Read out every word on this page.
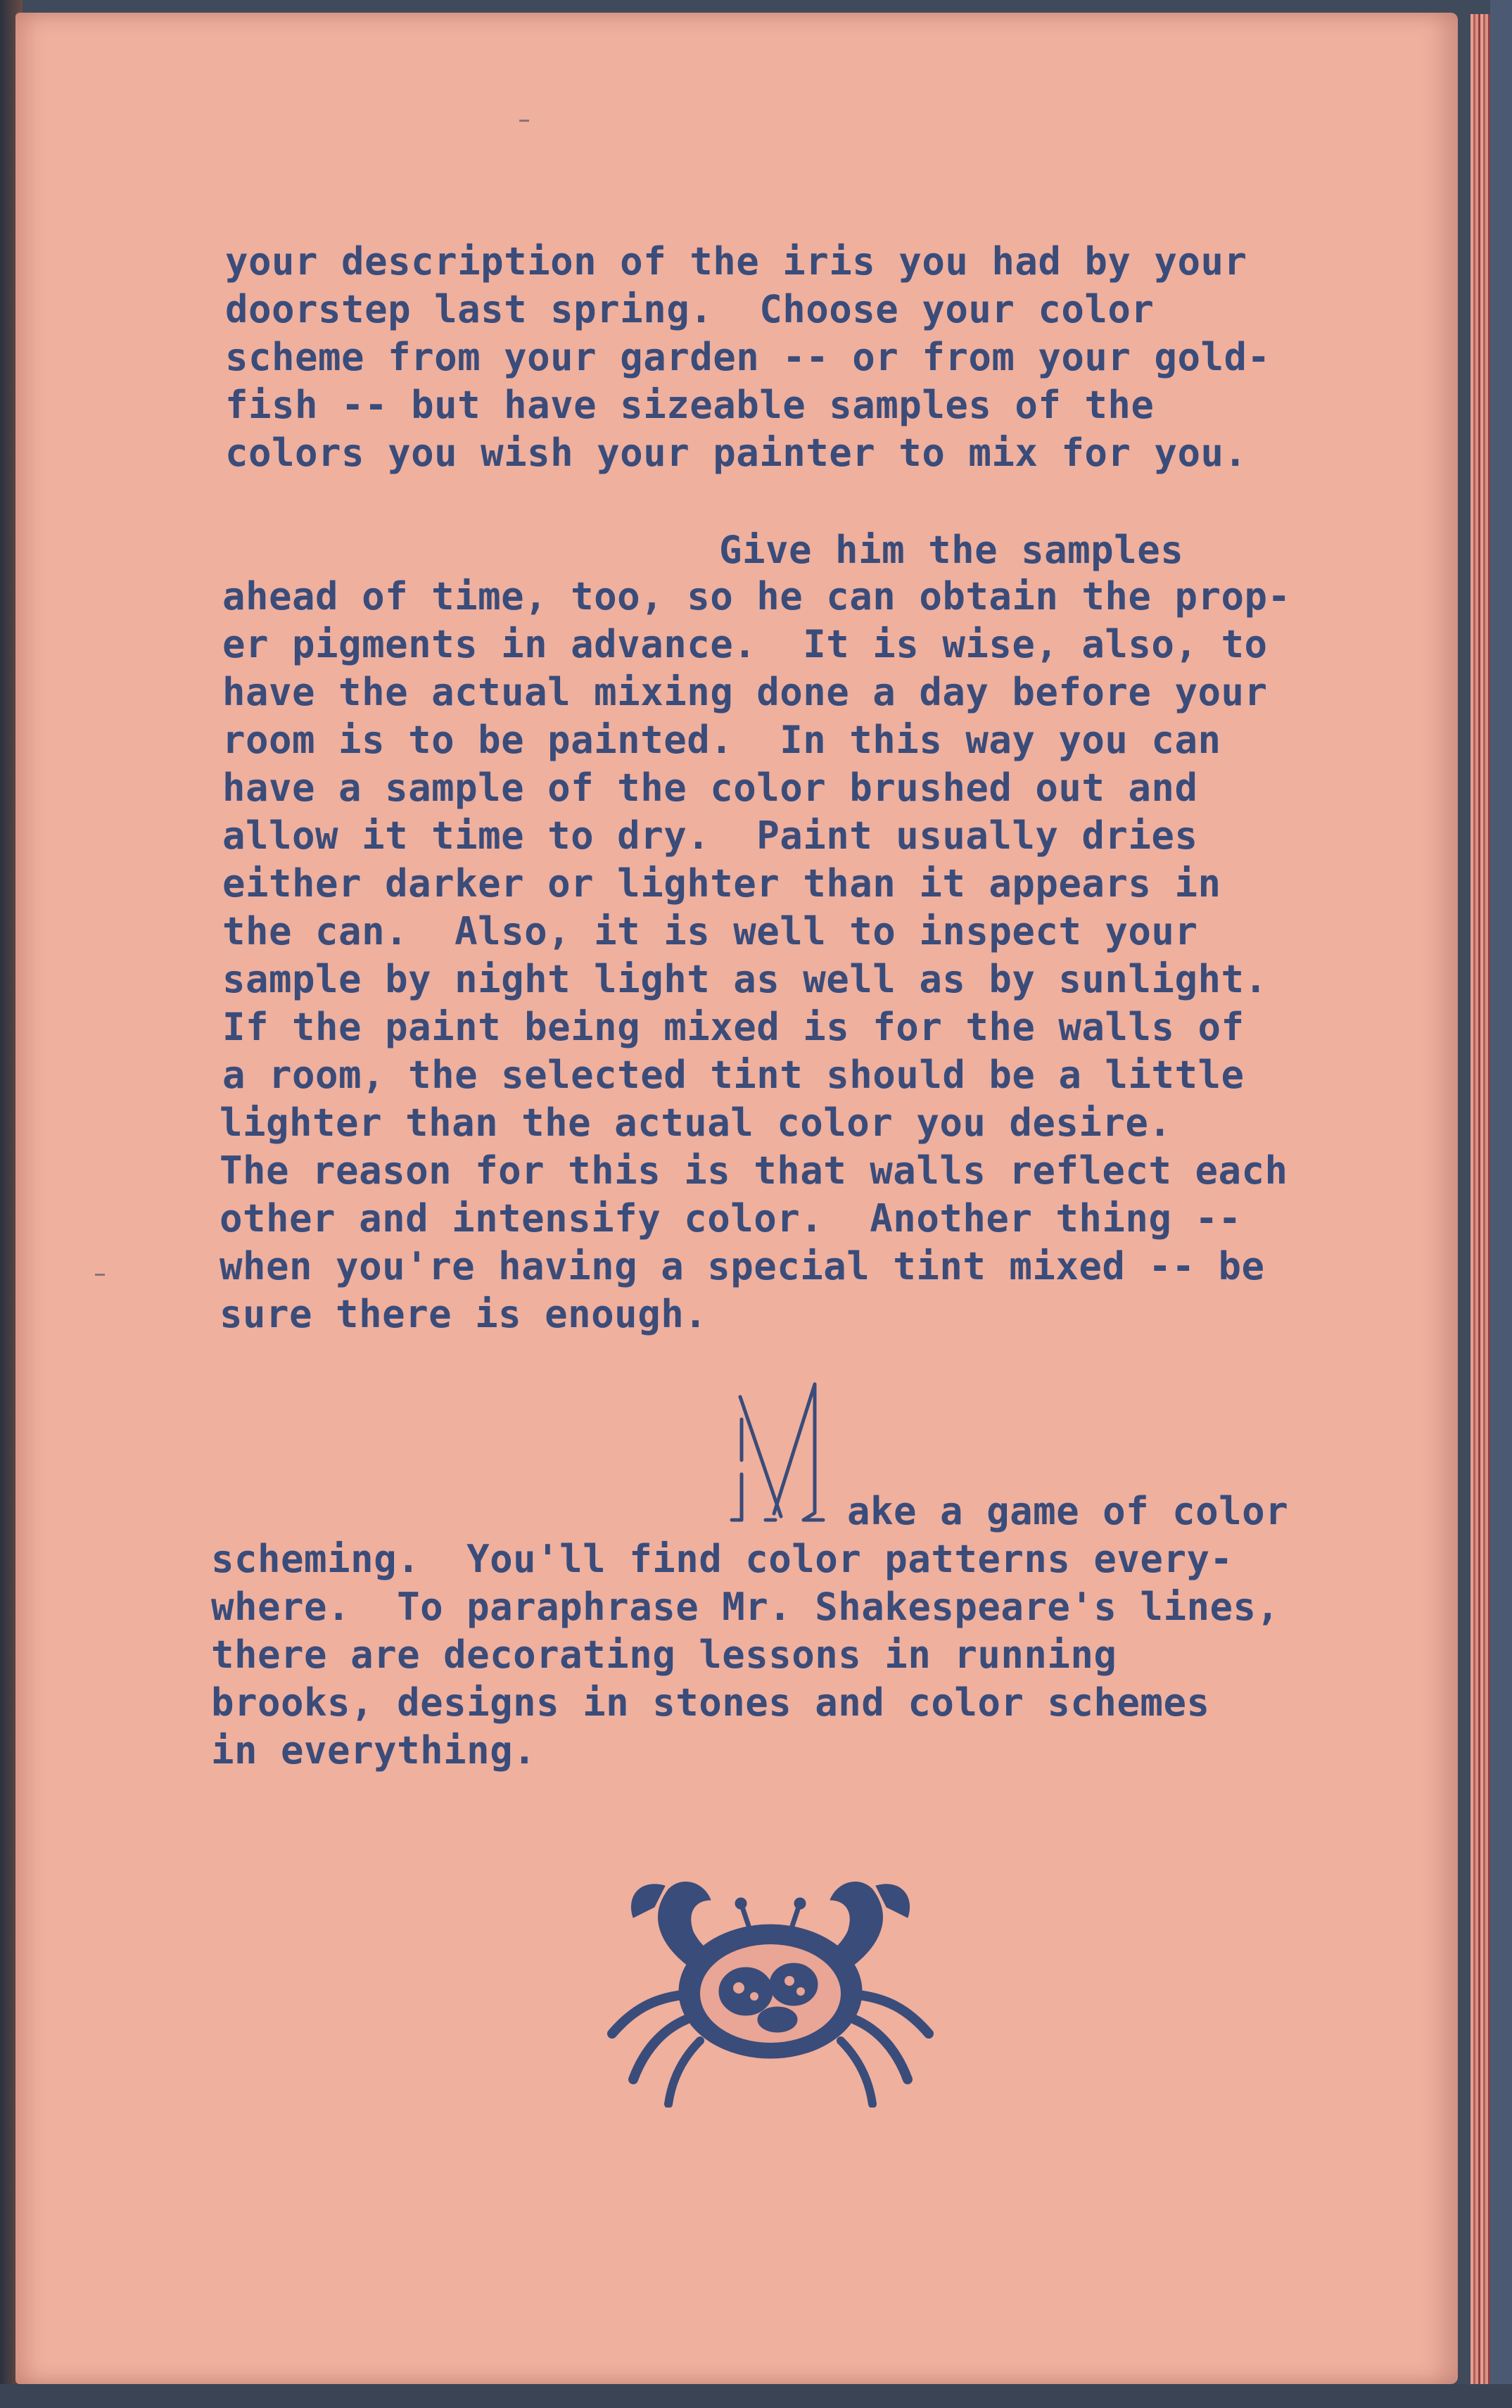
your description of the iris you had by your
doorstep last spring.  Choose your color
scheme from your garden -- or from your gold-
fish -- but have sizeable samples of the
colors you wish your painter to mix for you.
Give him the samples
ahead of time, too, so he can obtain the prop-
er pigments in advance.  It is wise, also, to
have the actual mixing done a day before your
room is to be painted.  In this way you can
have a sample of the color brushed out and
allow it time to dry.  Paint usually dries
either darker or lighter than it appears in
the can.  Also, it is well to inspect your
sample by night light as well as by sunlight.
If the paint being mixed is for the walls of
a room, the selected tint should be a little
lighter than the actual color you desire.
The reason for this is that walls reflect each
other and intensify color.  Another thing --
when you're having a special tint mixed -- be
sure there is enough.
ake a game of color
scheming.  You'll find color patterns every-
where.  To paraphrase Mr. Shakespeare's lines,
there are decorating lessons in running
brooks, designs in stones and color schemes
in everything.
